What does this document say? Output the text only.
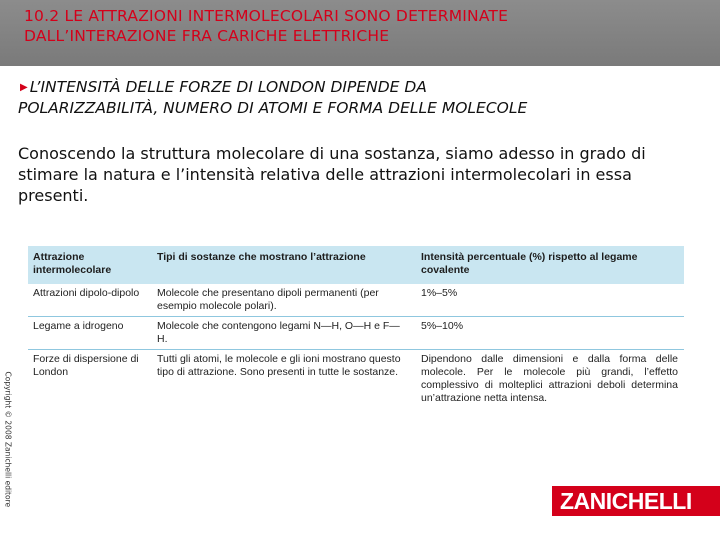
10.2 LE ATTRAZIONI INTERMOLECOLARI SONO DETERMINATE
DALL’INTERAZIONE FRA CARICHE ELETTRICHE
▶ L’INTENSITÀ DELLE FORZE DI LONDON DIPENDE DA
POLARIZZABILITÀ, NUMERO DI ATOMI E FORMA DELLE MOLECOLE
Conoscendo la struttura molecolare di una sostanza, siamo adesso in grado di stimare la natura e l’intensità relativa delle attrazioni intermolecolari in essa presenti.
Copyright © 2008 Zanichelli editore
Attrazione intermolecolare	Tipi di sostanze che mostrano l’attrazione	Intensità percentuale (%) rispetto al legame covalente
Attrazioni dipolo-dipolo	Molecole che presentano dipoli permanenti (per esempio molecole polari).	1%–5%
Legame a idrogeno	Molecole che contengono legami N—H, O—H e F—H.	5%–10%
Forze di dispersione di London	Tutti gli atomi, le molecole e gli ioni mostrano questo tipo di attrazione. Sono presenti in tutte le sostanze.	Dipendono dalle dimensioni e dalla forma delle molecole. Per le molecole più grandi, l’effetto complessivo di molteplici attrazioni deboli determina un’attrazione netta intensa.
ZANICHELLI
